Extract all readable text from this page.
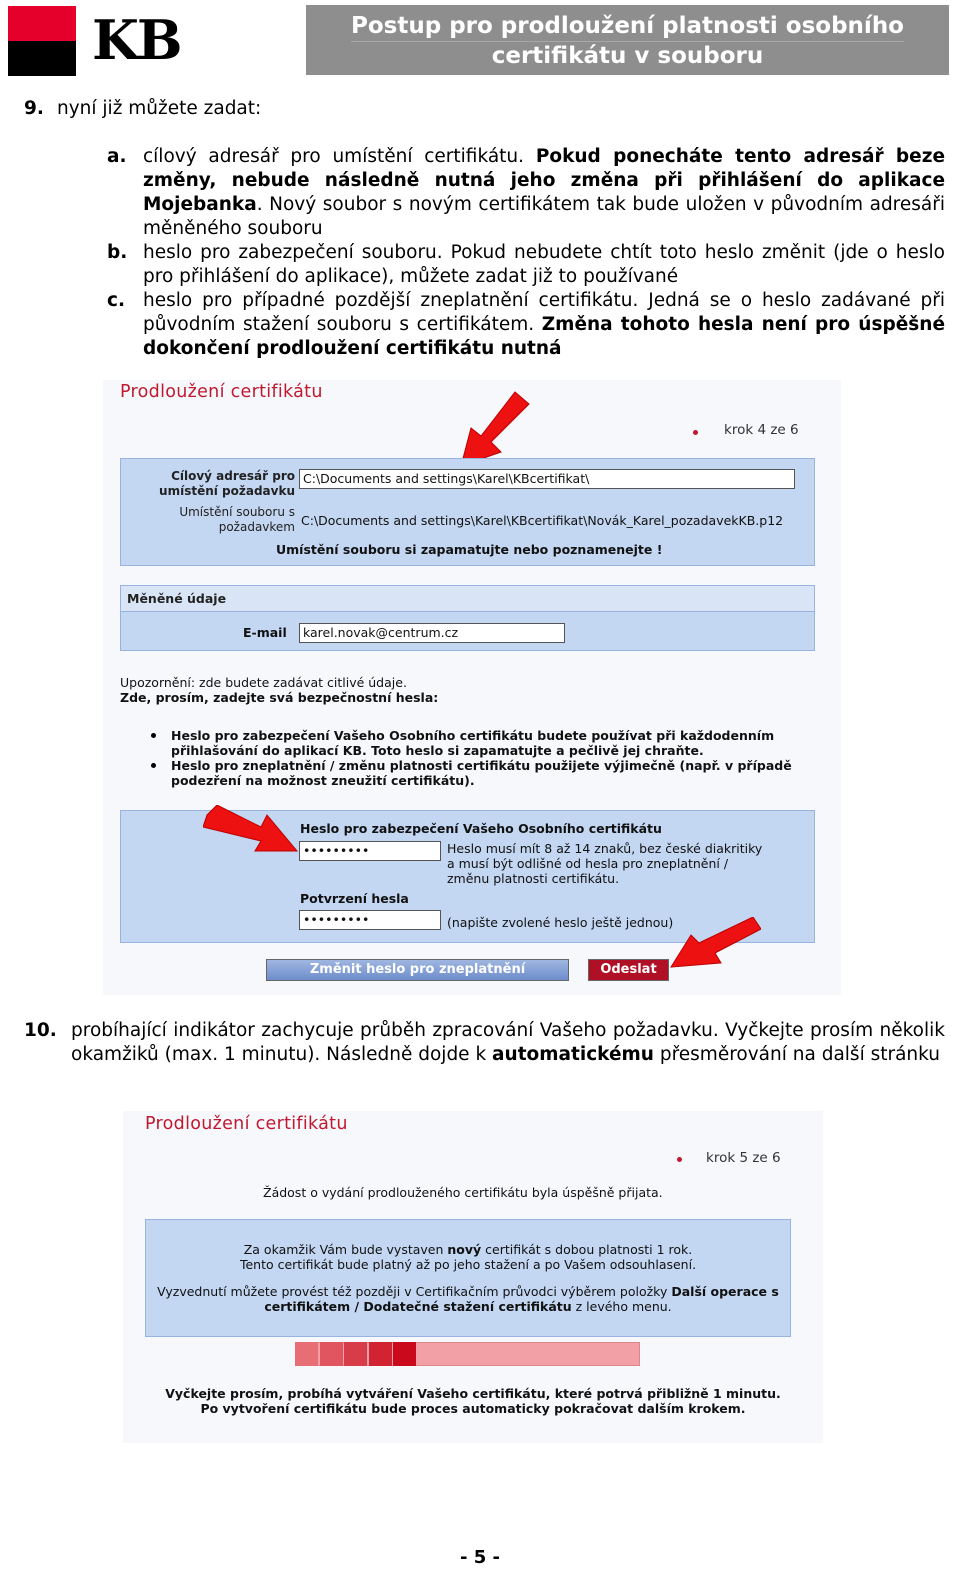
KB	Postup pro prodloužení platnosti osobního
certifikátu v souboru
9. nyní již můžete zadat:
a. cílový adresář pro umístění certifikátu. Pokud ponecháte tento adresář beze změny, nebude následně nutná jeho změna při přihlášení do aplikace Mojebanka. Nový soubor s novým certifikátem tak bude uložen v původním adresáři měněného souboru
b. heslo pro zabezpečení souboru. Pokud nebudete chtít toto heslo změnit (jde o heslo pro přihlášení do aplikace), můžete zadat již to používané
c. heslo pro případné pozdější zneplatnění certifikátu. Jedná se o heslo zadávané při původním stažení souboru s certifikátem. Změna tohoto hesla není pro úspěšné dokončení prodloužení certifikátu nutná
Prodloužení certifikátu
krok 4 ze 6
Cílový adresář pro
umístění požadavku
C:\Documents and settings\Karel\KBcertifikat\
Umístění souboru s
požadavkem C:\Documents and settings\Karel\KBcertifikat\Novák_Karel_pozadavekKB.p12
Umístění souboru si zapamatujte nebo poznamenejte !
Měněné údaje
E-mail	karel.novak@centrum.cz
Upozornění: zde budete zadávat citlivé údaje.
Zde, prosím, zadejte svá bezpečnostní hesla:
Heslo pro zabezpečení Vašeho Osobního certifikátu budete používat při každodenním přihlašování do aplikací KB. Toto heslo si zapamatujte a pečlivě jej chraňte.
Heslo pro zneplatnění / změnu platnosti certifikátu použijete výjimečně (např. v případě podezření na možnost zneužití certifikátu).
Heslo pro zabezpečení Vašeho Osobního certifikátu
•••••••••	Heslo musí mít 8 až 14 znaků, bez české diakritiky
a musí být odlišné od hesla pro zneplatnění /
změnu platnosti certifikátu.
Potvrzení hesla
•••••••••	(napište zvolené heslo ještě jednou)
Změnit heslo pro zneplatnění	Odeslat
10. probíhající indikátor zachycuje průběh zpracování Vašeho požadavku. Vyčkejte prosím několik okamžiků (max. 1 minutu). Následně dojde k automatickému přesměrování na další stránku
Prodloužení certifikátu
krok 5 ze 6
Žádost o vydání prodlouženého certifikátu byla úspěšně přijata.
Za okamžik Vám bude vystaven nový certifikát s dobou platnosti 1 rok.
Tento certifikát bude platný až po jeho stažení a po Vašem odsouhlasení.
Vyzvednutí můžete provést též později v Certifikačním průvodci výběrem položky Další operace s certifikátem / Dodatečné stažení certifikátu z levého menu.
Vyčkejte prosím, probíhá vytváření Vašeho certifikátu, které potrvá přibližně 1 minutu.
Po vytvoření certifikátu bude proces automaticky pokračovat dalším krokem.
- 5 -
